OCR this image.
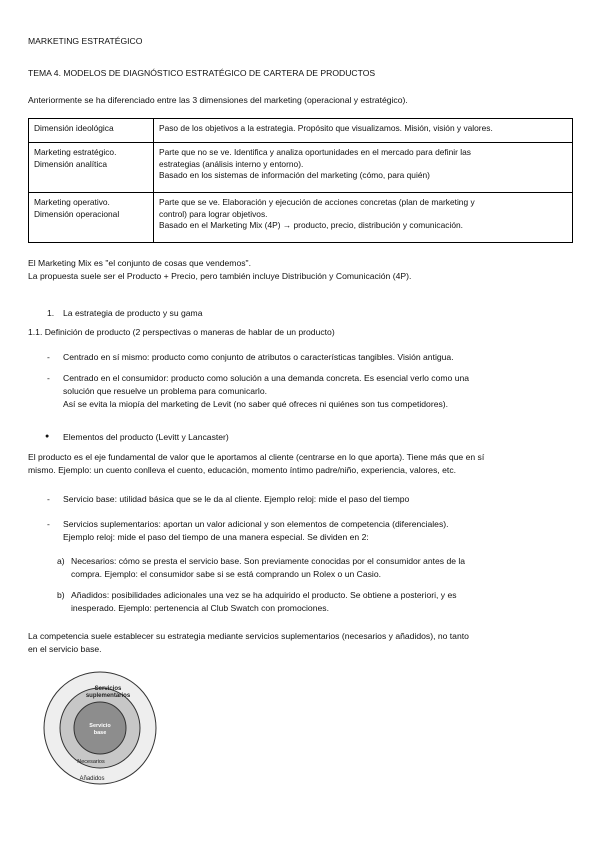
MARKETING ESTRATÉGICO
TEMA 4. MODELOS DE DIAGNÓSTICO ESTRATÉGICO DE CARTERA DE PRODUCTOS
Anteriormente se ha diferenciado entre las 3 dimensiones del marketing (operacional y estratégico).
Dimensión ideológica	Paso de los objetivos a la estrategia. Propósito que visualizamos. Misión, visión y valores.

Marketing estratégico.
Dimensión analítica	Parte que no se ve. Identifica y analiza oportunidades en el mercado para definir las
estrategias (análisis interno y entorno).
Basado en los sistemas de información del marketing (cómo, para quién)

Marketing operativo.
Dimensión operacional	Parte que se ve. Elaboración y ejecución de acciones concretas (plan de marketing y
control) para lograr objetivos.
Basado en el Marketing Mix (4P) → producto, precio, distribución y comunicación.
El Marketing Mix es "el conjunto de cosas que vendemos".
La propuesta suele ser el Producto + Precio, pero también incluye Distribución y Comunicación (4P).
1. La estrategia de producto y su gama
1.1. Definición de producto (2 perspectivas o maneras de hablar de un producto)
- Centrado en sí mismo: producto como conjunto de atributos o características tangibles. Visión antigua.
- Centrado en el consumidor: producto como solución a una demanda concreta. Es esencial verlo como una
solución que resuelve un problema para comunicarlo.
Así se evita la miopía del marketing de Levit (no saber qué ofreces ni quiénes son tus competidores).
● Elementos del producto (Levitt y Lancaster)
El producto es el eje fundamental de valor que le aportamos al cliente (centrarse en lo que aporta). Tiene más que en sí
mismo. Ejemplo: un cuento conlleva el cuento, educación, momento íntimo padre/niño, experiencia, valores, etc.
- Servicio base: utilidad básica que se le da al cliente. Ejemplo reloj: mide el paso del tiempo
- Servicios suplementarios: aportan un valor adicional y son elementos de competencia (diferenciales).
Ejemplo reloj: mide el paso del tiempo de una manera especial. Se dividen en 2:
a) Necesarios: cómo se presta el servicio base. Son previamente conocidas por el consumidor antes de la
compra. Ejemplo: el consumidor sabe si se está comprando un Rolex o un Casio.
b) Añadidos: posibilidades adicionales una vez se ha adquirido el producto. Se obtiene a posteriori, y es
inesperado. Ejemplo: pertenencia al Club Swatch con promociones.
La competencia suele establecer su estrategia mediante servicios suplementarios (necesarios y añadidos), no tanto
en el servicio base.
Servicios
suplementarios
Servicio
base
Necesarios
Añadidos
